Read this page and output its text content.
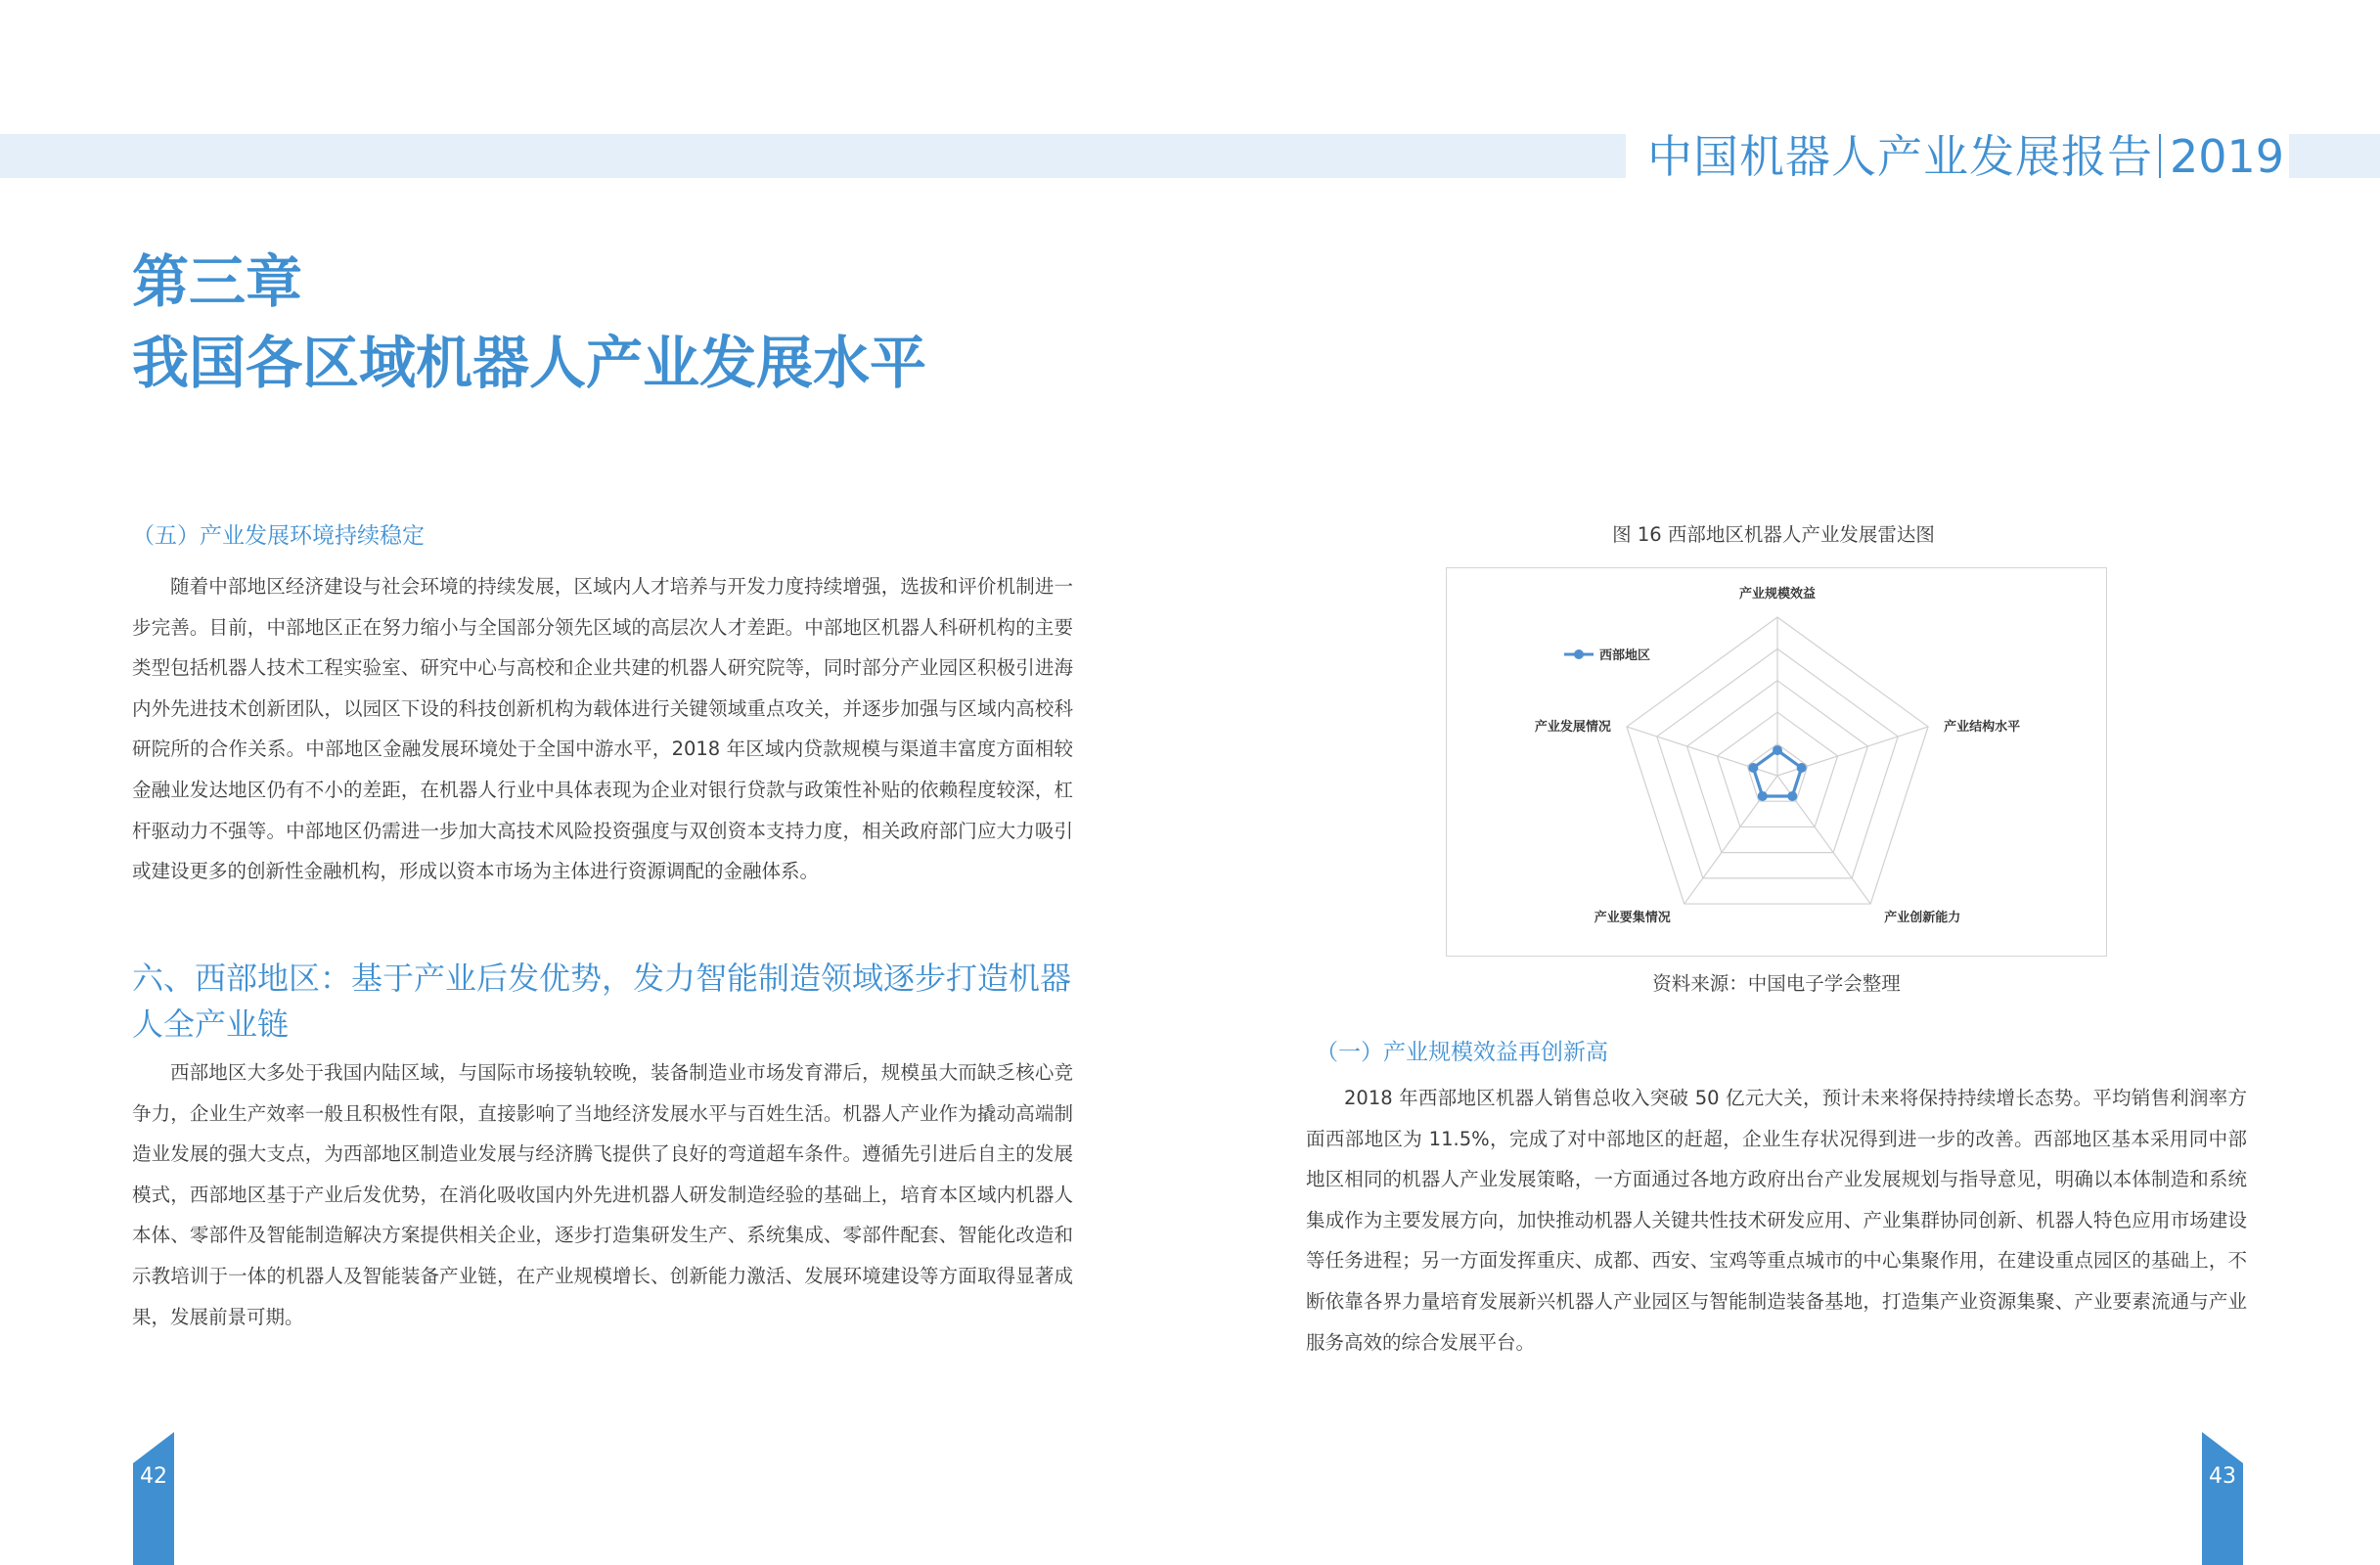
中国机器人产业发展报告 2019
第三章
我国各区域机器人产业发展水平
（五）产业发展环境持续稳定

随着中部地区经济建设与社会环境的持续发展，区域内人才培养与开发力度持续增强，选拔和评价机制进一步完善。目前，中部地区正在努力缩小与全国部分领先区域的高层次人才差距。中部地区机器人科研机构的主要类型包括机器人技术工程实验室、研究中心与高校和企业共建的机器人研究院等，同时部分产业园区积极引进海内外先进技术创新团队，以园区下设的科技创新机构为载体进行关键领域重点攻关，并逐步加强与区域内高校科研院所的合作关系。中部地区金融发展环境处于全国中游水平，2018 年区域内贷款规模与渠道丰富度方面相较金融业发达地区仍有不小的差距，在机器人行业中具体表现为企业对银行贷款与政策性补贴的依赖程度较深，杠杆驱动力不强等。中部地区仍需进一步加大高技术风险投资强度与双创资本支持力度，相关政府部门应大力吸引或建设更多的创新性金融机构，形成以资本市场为主体进行资源调配的金融体系。

六、西部地区：基于产业后发优势，发力智能制造领域逐步打造机器人全产业链

西部地区大多处于我国内陆区域，与国际市场接轨较晚，装备制造业市场发育滞后，规模虽大而缺乏核心竞争力，企业生产效率一般且积极性有限，直接影响了当地经济发展水平与百姓生活。机器人产业作为撬动高端制造业发展的强大支点，为西部地区制造业发展与经济腾飞提供了良好的弯道超车条件。遵循先引进后自主的发展模式，西部地区基于产业后发优势，在消化吸收国内外先进机器人研发制造经验的基础上，培育本区域内机器人本体、零部件及智能制造解决方案提供相关企业，逐步打造集研发生产、系统集成、零部件配套、智能化改造和示教培训于一体的机器人及智能装备产业链，在产业规模增长、创新能力激活、发展环境建设等方面取得显著成果，发展前景可期。

图 16 西部地区机器人产业发展雷达图
产业规模效益
产业结构水平
产业创新能力
产业要集情况
产业发展情况
西部地区
资料来源：中国电子学会整理
（一）产业规模效益再创新高

2018 年西部地区机器人销售总收入突破 50 亿元大关，预计未来将保持持续增长态势。平均销售利润率方面西部地区为 11.5%，完成了对中部地区的赶超，企业生存状况得到进一步的改善。西部地区基本采用同中部地区相同的机器人产业发展策略，一方面通过各地方政府出台产业发展规划与指导意见，明确以本体制造和系统集成作为主要发展方向，加快推动机器人关键共性技术研发应用、产业集群协同创新、机器人特色应用市场建设等任务进程；另一方面发挥重庆、成都、西安、宝鸡等重点城市的中心集聚作用，在建设重点园区的基础上，不断依靠各界力量培育发展新兴机器人产业园区与智能制造装备基地，打造集产业资源集聚、产业要素流通与产业服务高效的综合发展平台。

42	43
